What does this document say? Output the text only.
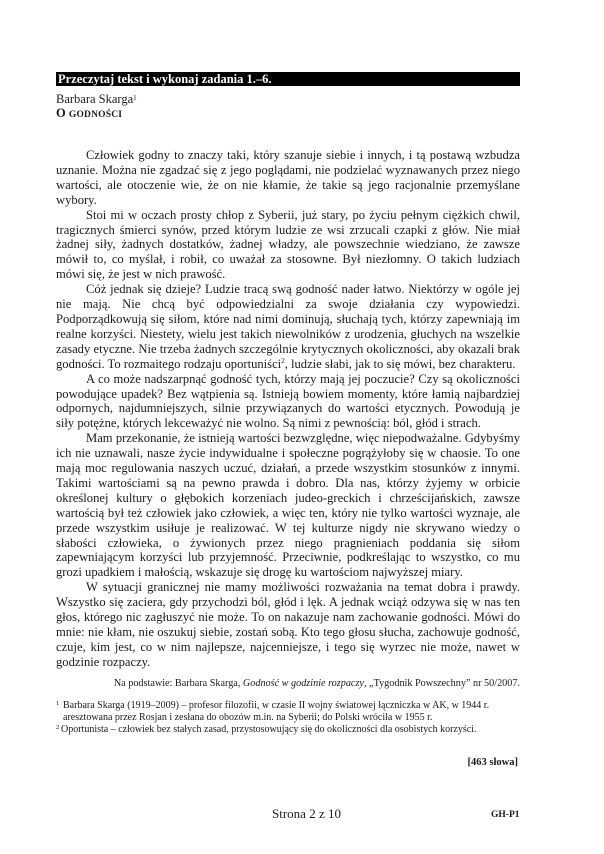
Przeczytaj tekst i wykonaj zadania 1.–6.
Barbara Skarga$^1$
O GODNOŚCI

Człowiek godny to znaczy taki, który szanuje siebie i innych, i tą postawą wzbudza uznanie. Można nie zgadzać się z jego poglądami, nie podzielać wyznawanych przez niego wartości, ale otoczenie wie, że on nie kłamie, że takie są jego racjonalnie przemyślane wybory.

Stoi mi w oczach prosty chłop z Syberii, już stary, po życiu pełnym ciężkich chwil, tragicznych śmierci synów, przed którym ludzie ze wsi zrzucali czapki z głów. Nie miał żadnej siły, żadnych dostatków, żadnej władzy, ale powszechnie wiedziano, że zawsze mówił to, co myślał, i robił, co uważał za stosowne. Był niezłomny. O takich ludziach mówi się, że jest w nich prawość.

Cóż jednak się dzieje? Ludzie tracą swą godność nader łatwo. Niektórzy w ogóle jej nie mają. Nie chcą być odpowiedzialni za swoje działania czy wypowiedzi. Podporządkowują się siłom, które nad nimi dominują, słuchają tych, którzy zapewniają im realne korzyści. Niestety, wielu jest takich niewolników z urodzenia, głuchych na wszelkie zasady etyczne. Nie trzeba żadnych szczególnie krytycznych okoliczności, aby okazali brak godności. To rozmaitego rodzaju oportuniści$^2$, ludzie słabi, jak to się mówi, bez charakteru.

A co może nadszarpnąć godność tych, którzy mają jej poczucie? Czy są okoliczności powodujące upadek? Bez wątpienia są. Istnieją bowiem momenty, które łamią najbardziej odpornych, najdumniejszych, silnie przywiązanych do wartości etycznych. Powodują je siły potężne, których lekceważyć nie wolno. Są nimi z pewnością: ból, głód i strach.

Mam przekonanie, że istnieją wartości bezwzględne, więc niepodważalne. Gdybyśmy ich nie uznawali, nasze życie indywidualne i społeczne pogrążyłoby się w chaosie. To one mają moc regulowania naszych uczuć, działań, a przede wszystkim stosunków z innymi. Takimi wartościami są na pewno prawda i dobro. Dla nas, którzy żyjemy w orbicie określonej kultury o głębokich korzeniach judeo-greckich i chrześcijańskich, zawsze wartością był też człowiek jako człowiek, a więc ten, który nie tylko wartości wyznaje, ale przede wszystkim usiłuje je realizować. W tej kulturze nigdy nie skrywano wiedzy o słabości człowieka, o żywionych przez niego pragnieniach poddania się siłom zapewniającym korzyści lub przyjemność. Przeciwnie, podkreślając to wszystko, co mu grozi upadkiem i małością, wskazuje się drogę ku wartościom najwyższej miary.

W sytuacji granicznej nie mamy możliwości rozważania na temat dobra i prawdy. Wszystko się zaciera, gdy przychodzi ból, głód i lęk. A jednak wciąż odzywa się w nas ten głos, którego nic zagłuszyć nie może. To on nakazuje nam zachowanie godności. Mówi do mnie: nie kłam, nie oszukuj siebie, zostań sobą. Kto tego głosu słucha, zachowuje godność, czuje, kim jest, co w nim najlepsze, najcenniejsze, i tego się wyrzec nie może, nawet w godzinie rozpaczy.

Na podstawie: Barbara Skarga, Godność w godzinie rozpaczy, „Tygodnik Powszechny” nr 50/2007.
1 Barbara Skarga (1919–2009) – profesor filozofii, w czasie II wojny światowej łączniczka w AK, w 1944 r. aresztowana przez Rosjan i zesłana do obozów m.in. na Syberii; do Polski wróciła w 1955 r.
2 Oportunista – człowiek bez stałych zasad, przystosowujący się do okoliczności dla osobistych korzyści.
[463 słowa]
Strona 2 z 10	GH-P1
